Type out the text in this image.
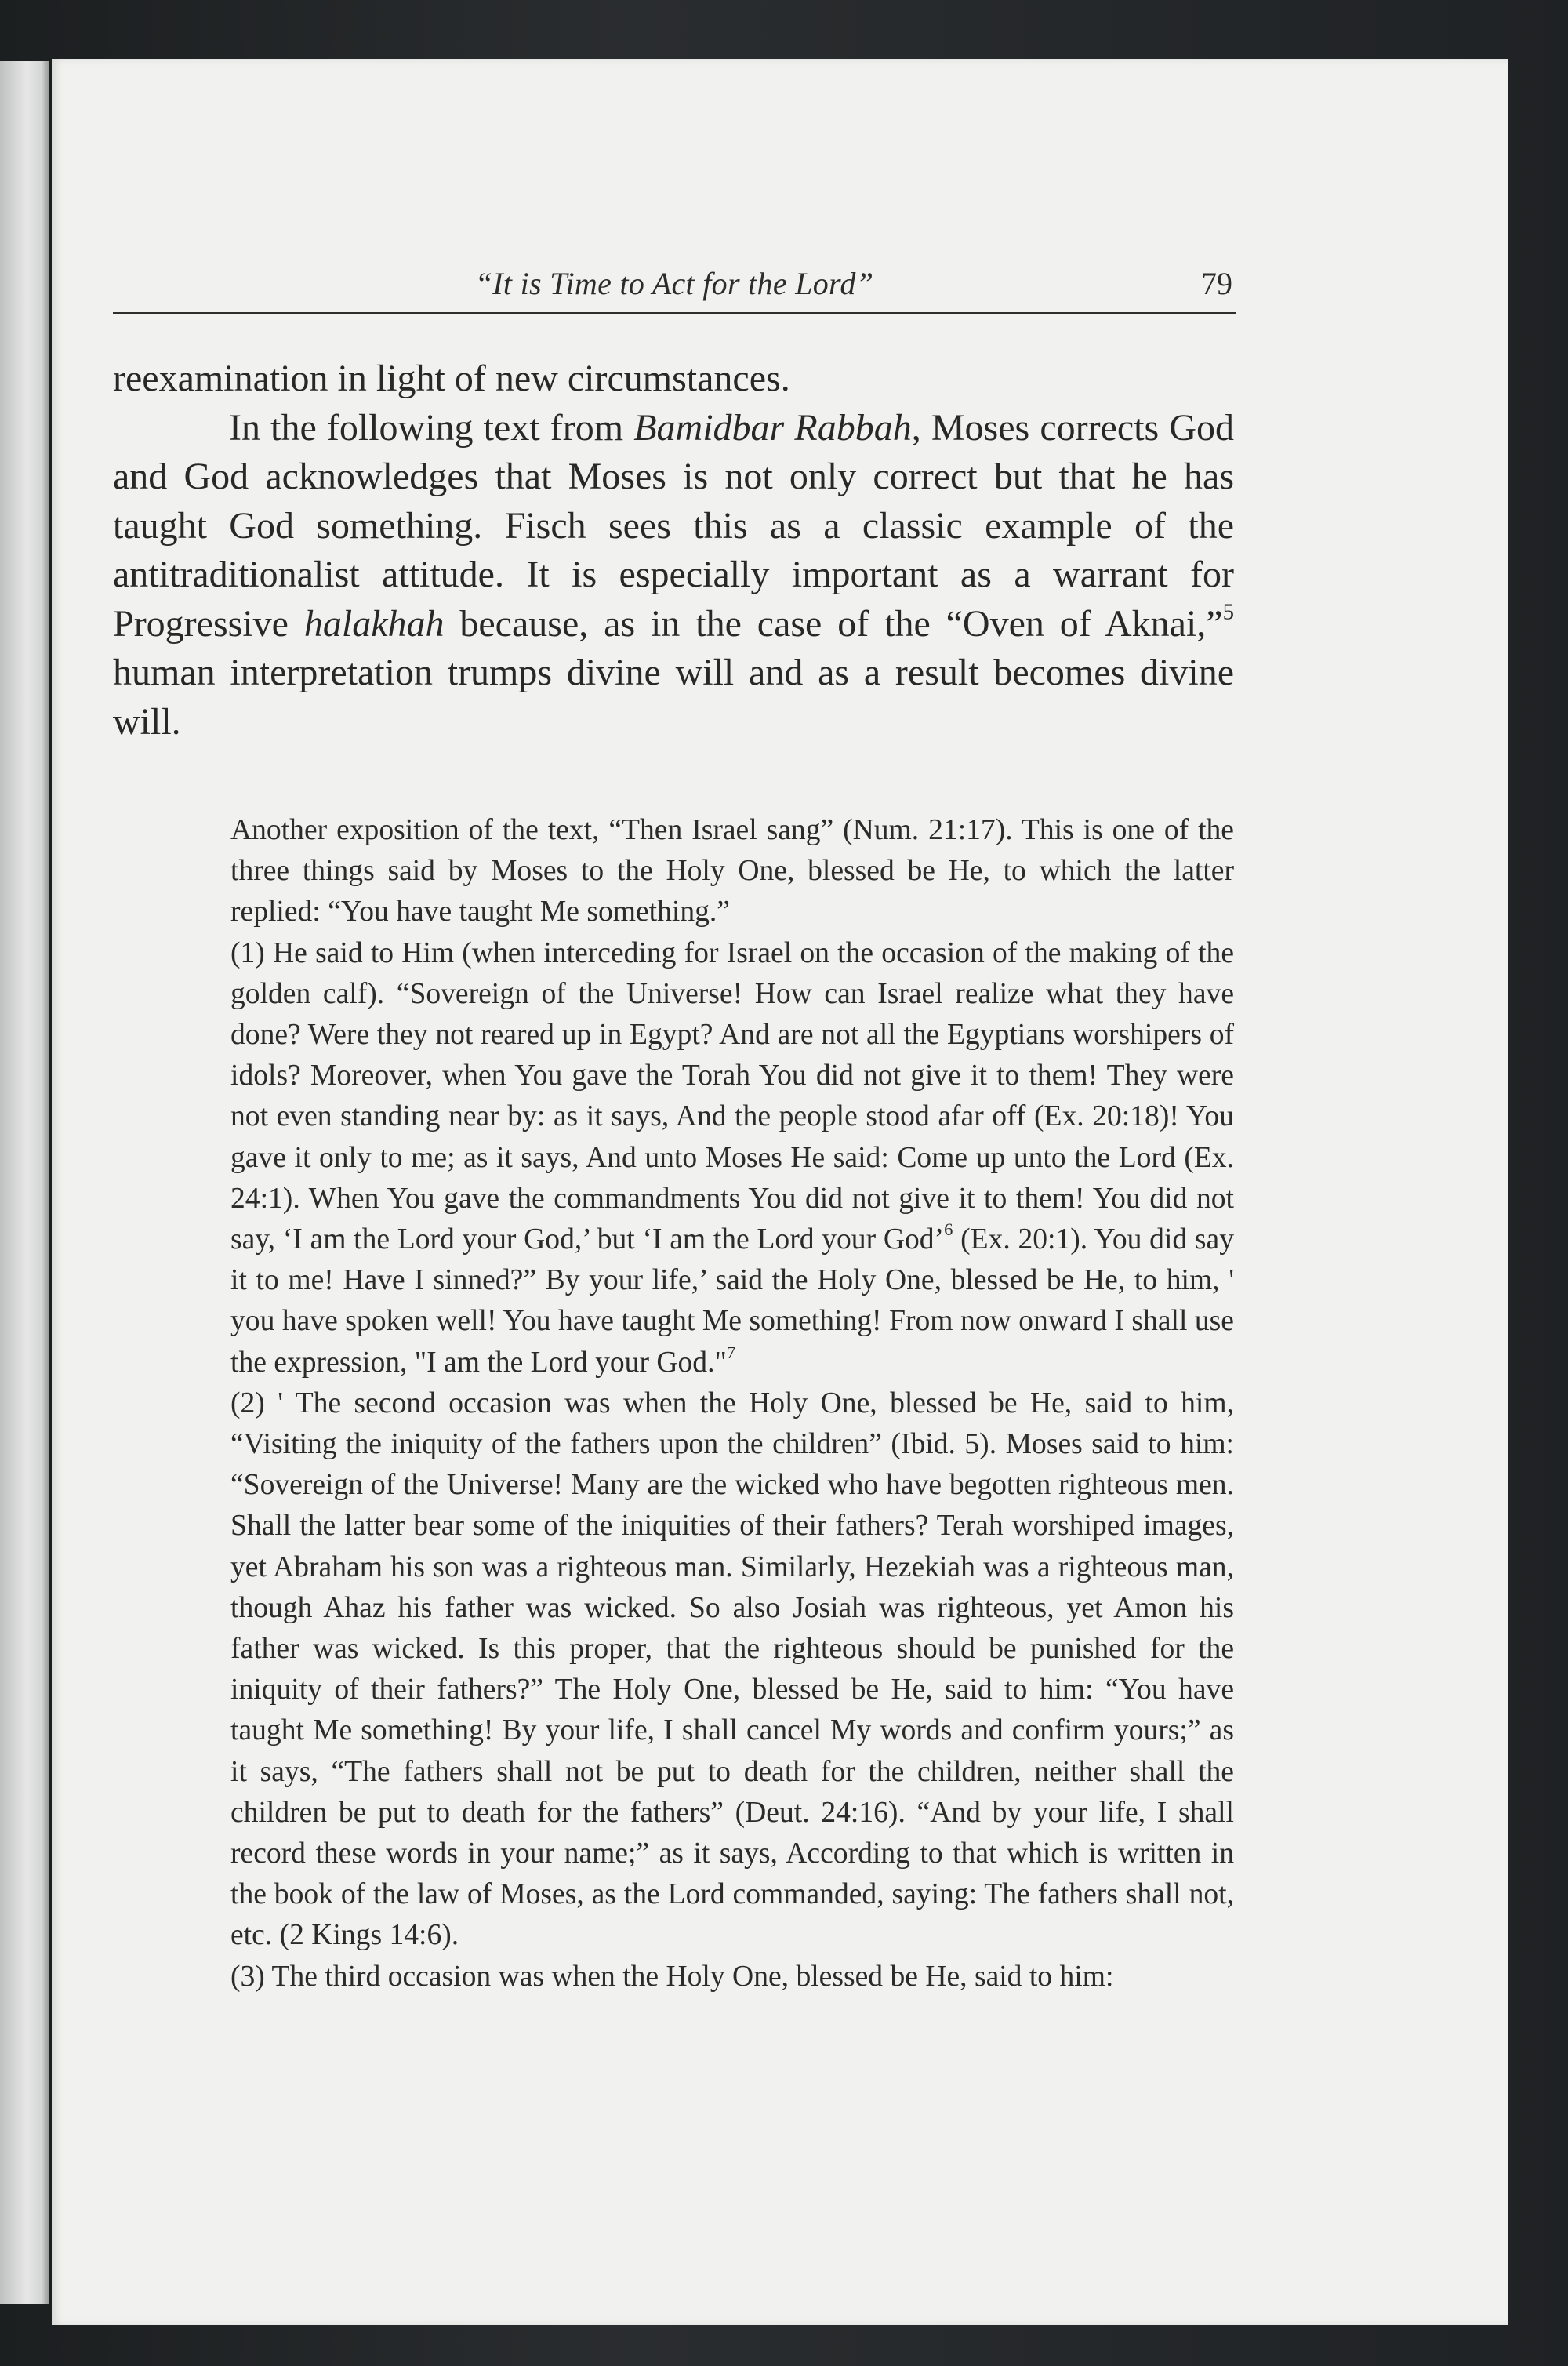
“It is Time to Act for the Lord”	79

reexamination in light of new circumstances.

In the following text from Bamidbar Rabbah, Moses corrects God and God acknowledges that Moses is not only correct but that he has taught God something. Fisch sees this as a classic example of the antitraditionalist attitude. It is especially important as a warrant for Progressive halakhah because, as in the case of the “Oven of Aknai,”$^5$ human interpretation trumps divine will and as a result becomes divine will.

Another exposition of the text, “Then Israel sang” (Num. 21:17). This is one of the three things said by Moses to the Holy One, blessed be He, to which the latter replied: “You have taught Me something.”

(1) He said to Him (when interceding for Israel on the occasion of the making of the golden calf). “Sovereign of the Universe! How can Israel realize what they have done? Were they not reared up in Egypt? And are not all the Egyptians worshipers of idols? Moreover, when You gave the Torah You did not give it to them! They were not even standing near by: as it says, And the people stood afar off (Ex. 20:18)! You gave it only to me; as it says, And unto Moses He said: Come up unto the Lord (Ex. 24:1). When You gave the commandments You did not give it to them! You did not say, ‘I am the Lord your God,’ but ‘I am the Lord your God’$^6$ (Ex. 20:1). You did say it to me! Have I sinned?” By your life,’ said the Holy One, blessed be He, to him, ' you have spoken well! You have taught Me something! From now onward I shall use the expression, "I am the Lord your God."$^7$

(2) ' The second occasion was when the Holy One, blessed be He, said to him, “Visiting the iniquity of the fathers upon the children” (Ibid. 5). Moses said to him: “Sovereign of the Universe! Many are the wicked who have begotten righteous men. Shall the latter bear some of the iniquities of their fathers? Terah worshiped images, yet Abraham his son was a righteous man. Similarly, Hezekiah was a righteous man, though Ahaz his father was wicked. So also Josiah was righteous, yet Amon his father was wicked. Is this proper, that the righteous should be punished for the iniquity of their fathers?” The Holy One, blessed be He, said to him: “You have taught Me something! By your life, I shall cancel My words and confirm yours;” as it says, “The fathers shall not be put to death for the children, neither shall the children be put to death for the fathers” (Deut. 24:16). “And by your life, I shall record these words in your name;” as it says, According to that which is written in the book of the law of Moses, as the Lord commanded, saying: The fathers shall not, etc. (2 Kings 14:6).

(3) The third occasion was when the Holy One, blessed be He, said to him:
